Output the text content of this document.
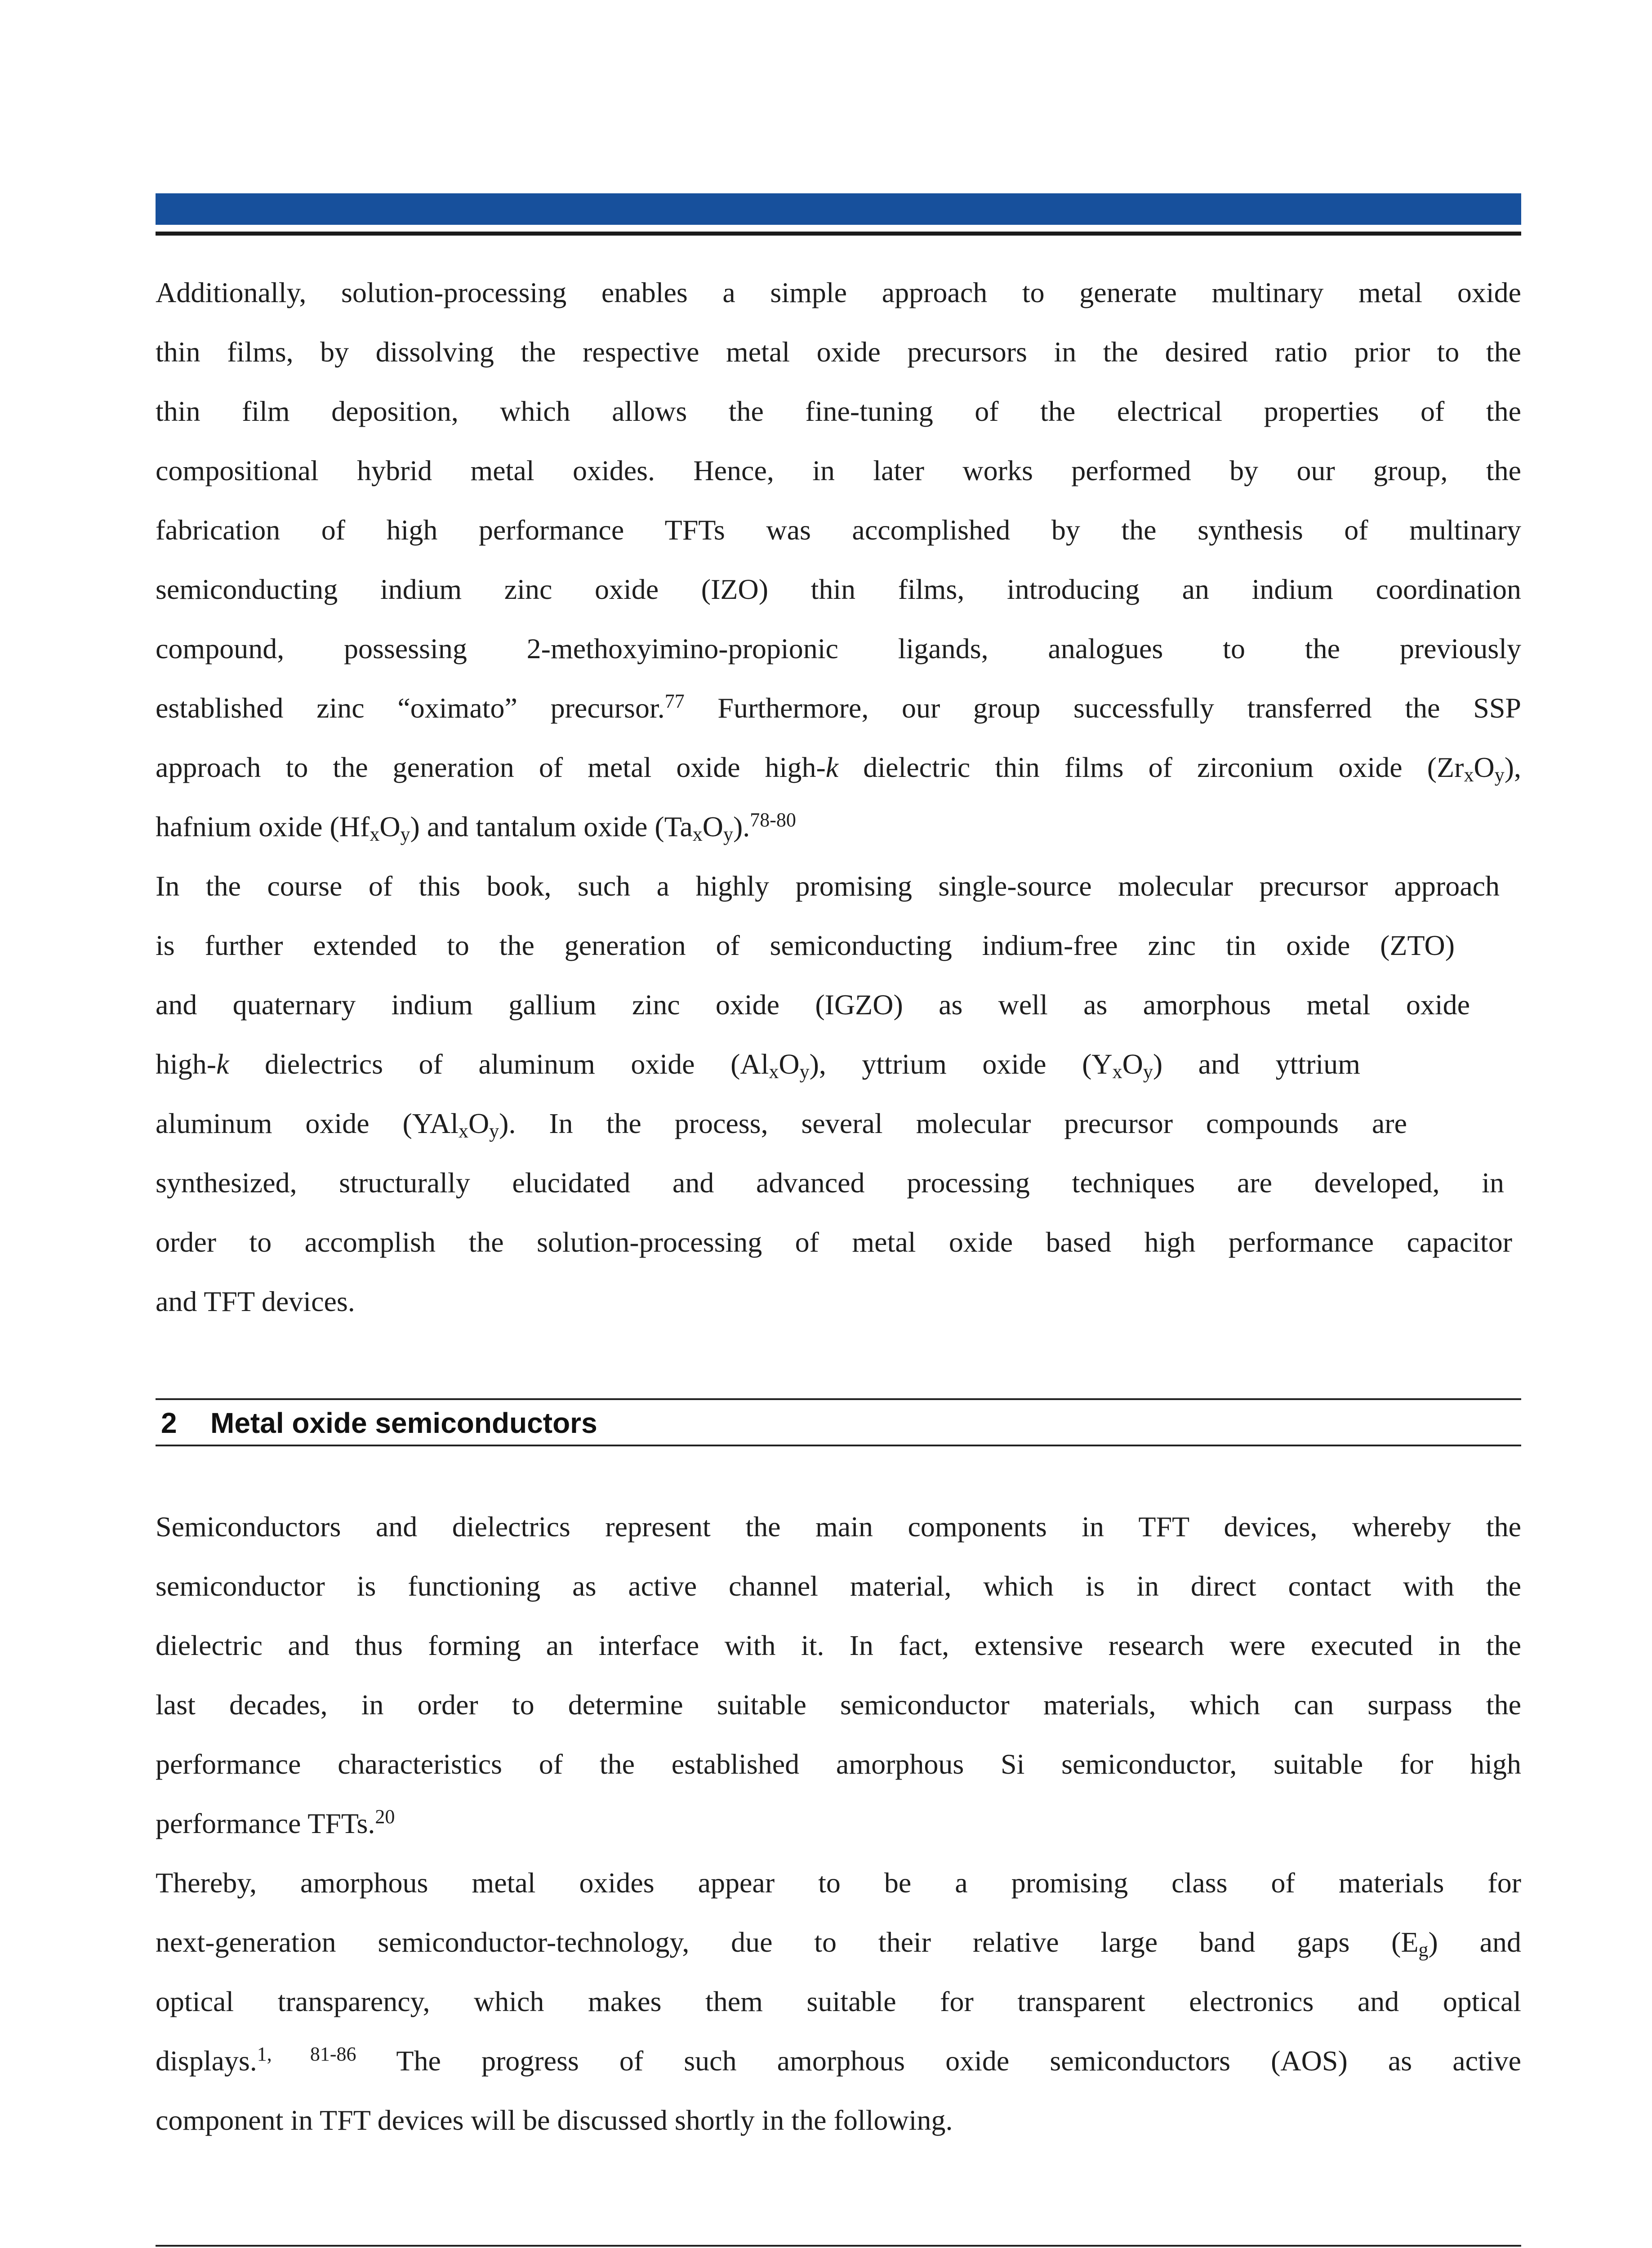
Additionally, solution-processing enables a simple approach to generate multinary metal oxide
thin films, by dissolving the respective metal oxide precursors in the desired ratio prior to the
thin film deposition, which allows the fine-tuning of the electrical properties of the
compositional hybrid metal oxides. Hence, in later works performed by our group, the
fabrication of high performance TFTs was accomplished by the synthesis of multinary
semiconducting indium zinc oxide (IZO) thin films, introducing an indium coordination
compound, possessing 2-methoxyimino-propionic ligands, analogues to the previously
established zinc “oximato” precursor.$^{77}$ Furthermore, our group successfully transferred the SSP
approach to the generation of metal oxide high-k dielectric thin films of zirconium oxide $(Zr_xO_y)$,
hafnium oxide $(Hf_xO_y)$ and tantalum oxide $(Ta_xO_y).^{78-80}$
In the course of this book, such a highly promising single-source molecular precursor approach
is further extended to the generation of semiconducting indium-free zinc tin oxide (ZTO)
and quaternary indium gallium zinc oxide (IGZO) as well as amorphous metal oxide
high-k dielectrics of aluminum oxide $(Al_xO_y)$, yttrium oxide $(Y_xO_y)$ and yttrium
aluminum oxide $(YAl_xO_y)$. In the process, several molecular precursor compounds are
synthesized, structurally elucidated and advanced processing techniques are developed, in
order to accomplish the solution-processing of metal oxide based high performance capacitor
and TFT devices.
2 Metal oxide semiconductors
Semiconductors and dielectrics represent the main components in TFT devices, whereby the
semiconductor is functioning as active channel material, which is in direct contact with the
dielectric and thus forming an interface with it. In fact, extensive research were executed in the
last decades, in order to determine suitable semiconductor materials, which can surpass the
performance characteristics of the established amorphous Si semiconductor, suitable for high
performance TFTs.$^{20}$
Thereby, amorphous metal oxides appear to be a promising class of materials for
next-generation semiconductor-technology, due to their relative large band gaps $(E_g)$ and
optical transparency, which makes them suitable for transparent electronics and optical
displays.$^{1, 81-86}$ The progress of such amorphous oxide semiconductors (AOS) as active
component in TFT devices will be discussed shortly in the following.
